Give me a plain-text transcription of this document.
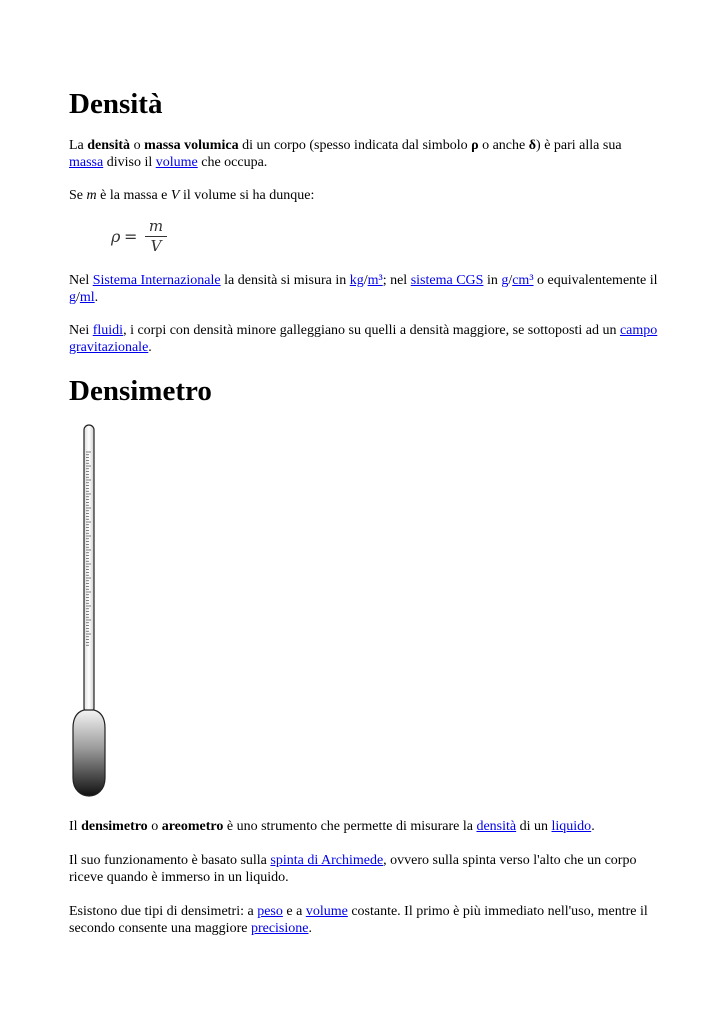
Densità

La densità o massa volumica di un corpo (spesso indicata dal simbolo ρ o anche δ) è pari alla sua massa diviso il volume che occupa.

Se m è la massa e V il volume si ha dunque:

ρ =
m
V

Nel Sistema Internazionale la densità si misura in kg/m³; nel sistema CGS in g/cm³ o equivalentemente il g/ml.

Nei fluidi, i corpi con densità minore galleggiano su quelli a densità maggiore, se sottoposti ad un campo gravitazionale.

Densimetro

Il densimetro o areometro è uno strumento che permette di misurare la densità di un liquido.

Il suo funzionamento è basato sulla spinta di Archimede, ovvero sulla spinta verso l'alto che un corpo riceve quando è immerso in un liquido.

Esistono due tipi di densimetri: a peso e a volume costante. Il primo è più immediato nell'uso, mentre il secondo consente una maggiore precisione.
